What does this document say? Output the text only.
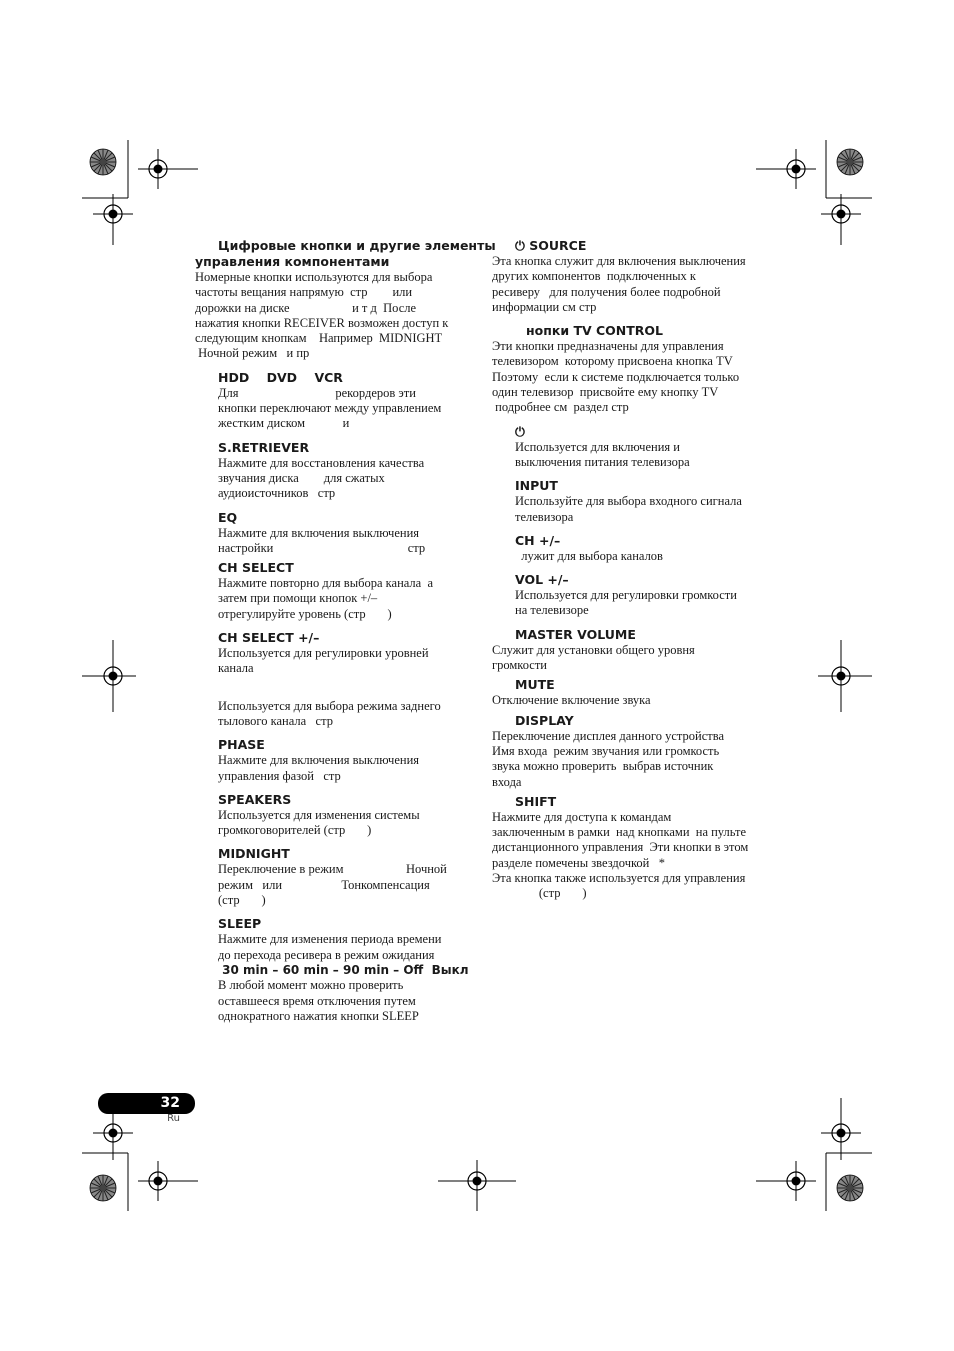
Цифровые кнопки и другие элементы

управления компонентами

Номерные кнопки используются для выбора

частоты вещания напрямую  стр        или

дорожки на диске                    и т д  После

нажатия кнопки RECEIVER возможен доступ к

следующим кнопкам    Например  MIDNIGHT

Ночной режим   и пр

HDD    DVD    VCR

Для                               рекордеров эти

кнопки переключают между управлением

жестким диском            и

S.RETRIEVER

Нажмите для восстановления качества

звучания диска        для сжатых

аудиоисточников   стр

EQ

Нажмите для включения выключения

настройки                                           стр

CH SELECT

Нажмите повторно для выбора канала  а

затем при помощи кнопок +/–

отрегулируйте уровень (стр       )

CH SELECT +/–

Используется для регулировки уровней

канала

Используется для выбора режима заднего

тылового канала   стр

PHASE

Нажмите для включения выключения

управления фазой   стр

SPEAKERS

Используется для изменения системы

громкоговорителей (стр       )

MIDNIGHT

Переключение в режим                    Ночной

режим   или                   Тонкомпенсация

(стр       )

SLEEP

Нажмите для изменения периода времени

до перехода ресивера в режим ожидания

30 min – 60 min – 90 min – Off  Выкл

В любой момент можно проверить

оставшееся время отключения путем

однократного нажатия кнопки SLEEP

⏻ SOURCE

Эта кнопка служит для включения выключения

других компонентов  подключенных к

ресиверу   для получения более подробной

информации см стр

нопки TV CONTROL

Эти кнопки предназначены для управления

телевизором  которому присвоена кнопка TV

Поэтому  если к системе подключается только

один телевизор  присвойте ему кнопку TV

подробнее см  раздел стр

⏻

Используется для включения и

выключения питания телевизора

INPUT

Используйте для выбора входного сигнала

телевизора

CH +/–

лужит для выбора каналов

VOL +/–

Используется для регулировки громкости

на телевизоре

MASTER VOLUME

Служит для установки общего уровня

громкости

MUTE

Отключение включение звука

DISPLAY

Переключение дисплея данного устройства

Имя входа  режим звучания или громкость

звука можно проверить  выбрав источник

входа

SHIFT

Нажмите для доступа к командам

заключенным в рамки  над кнопками  на пульте

дистанционного управления  Эти кнопки в этом

разделе помечены звездочкой   *

Эта кнопка также используется для управления

(стр       )

32
Ru
